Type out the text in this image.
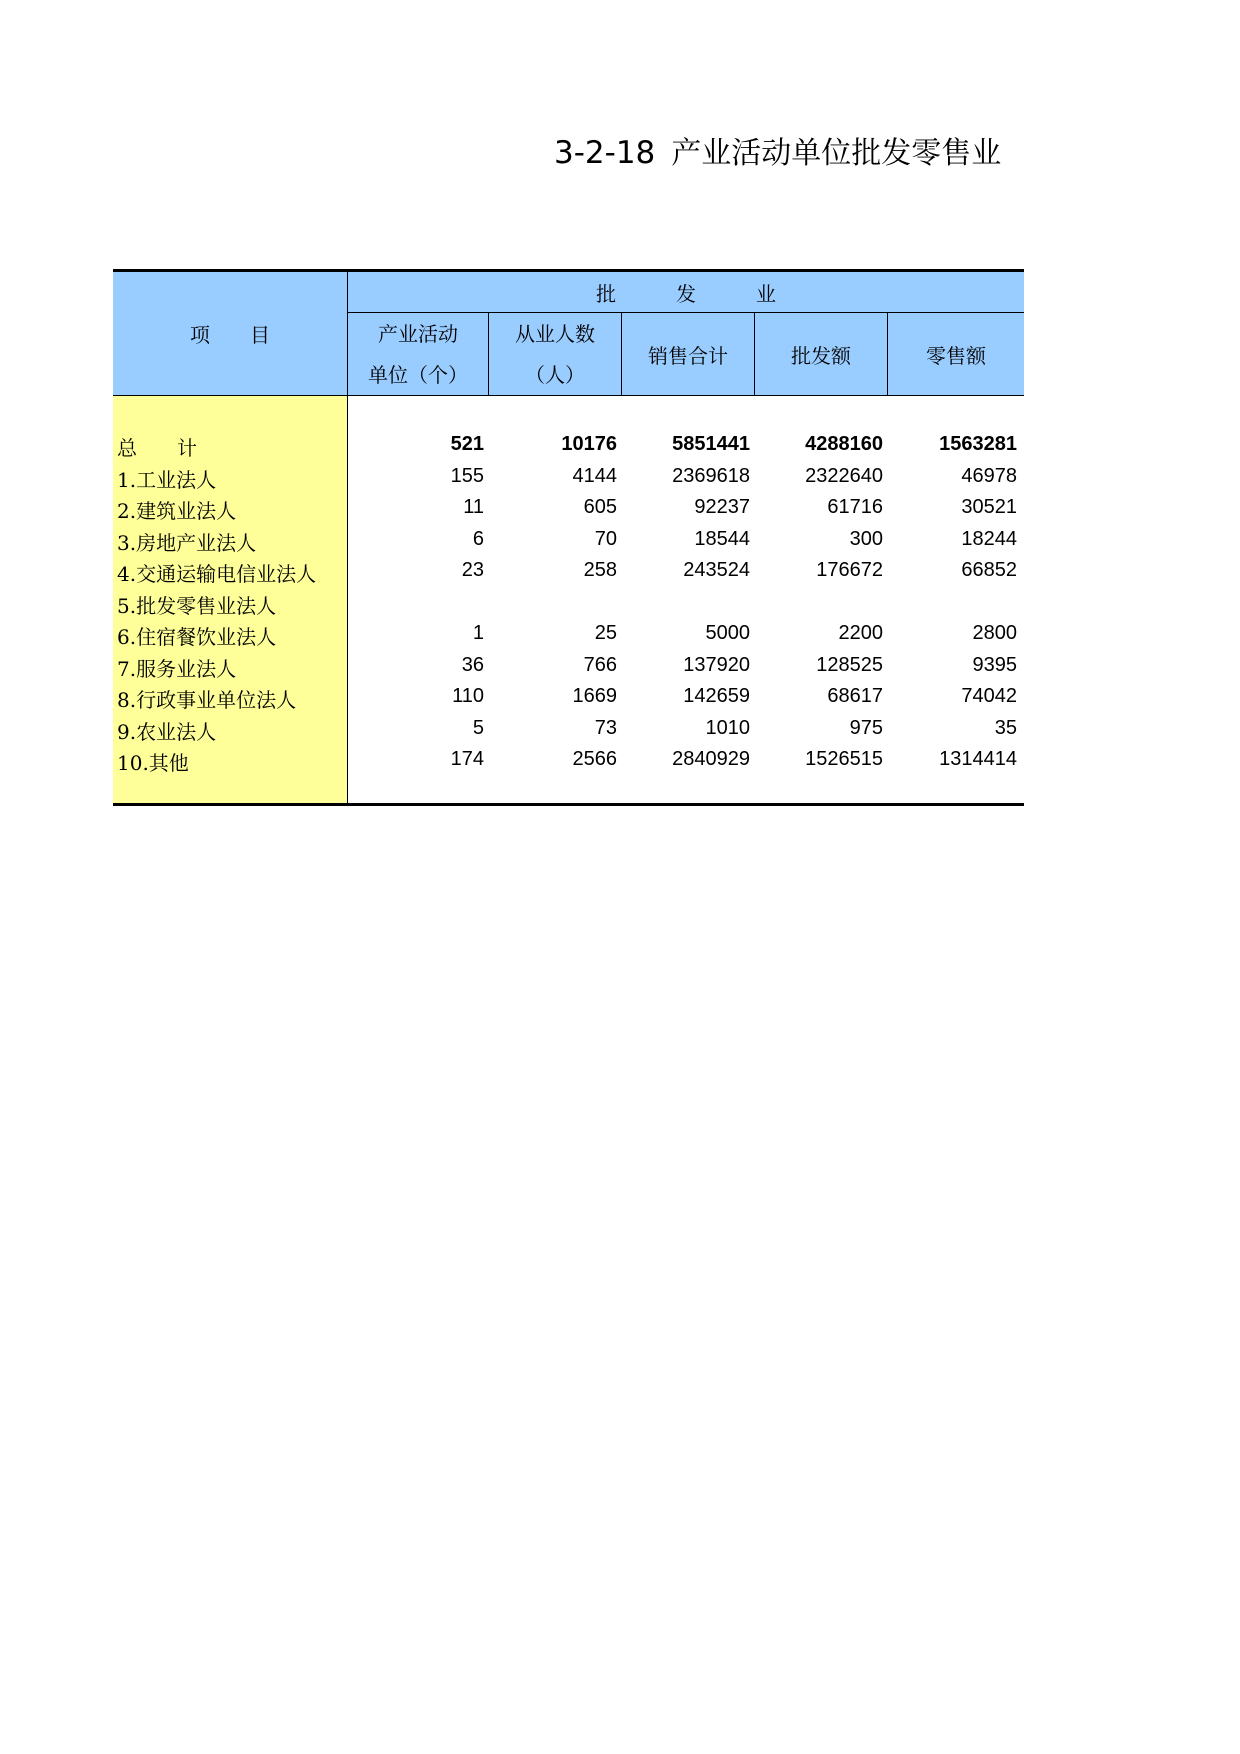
3-2-18 产业活动单位批发零售业
项　　目
批　　　发　　　业
产业活动
单位（个）
从业人数
（人）
销售合计	批发额	零售额
总　　计	521	10176	5851441	4288160	1563281
1.工业法人	155	4144	2369618	2322640	46978
2.建筑业法人	11	605	92237	61716	30521
3.房地产业法人	6	70	18544	300	18244
4.交通运输电信业法人	23	258	243524	176672	66852
5.批发零售业法人
6.住宿餐饮业法人	1	25	5000	2200	2800
7.服务业法人	36	766	137920	128525	9395
8.行政事业单位法人	110	1669	142659	68617	74042
9.农业法人	5	73	1010	975	35
10.其他	174	2566	2840929	1526515	1314414
